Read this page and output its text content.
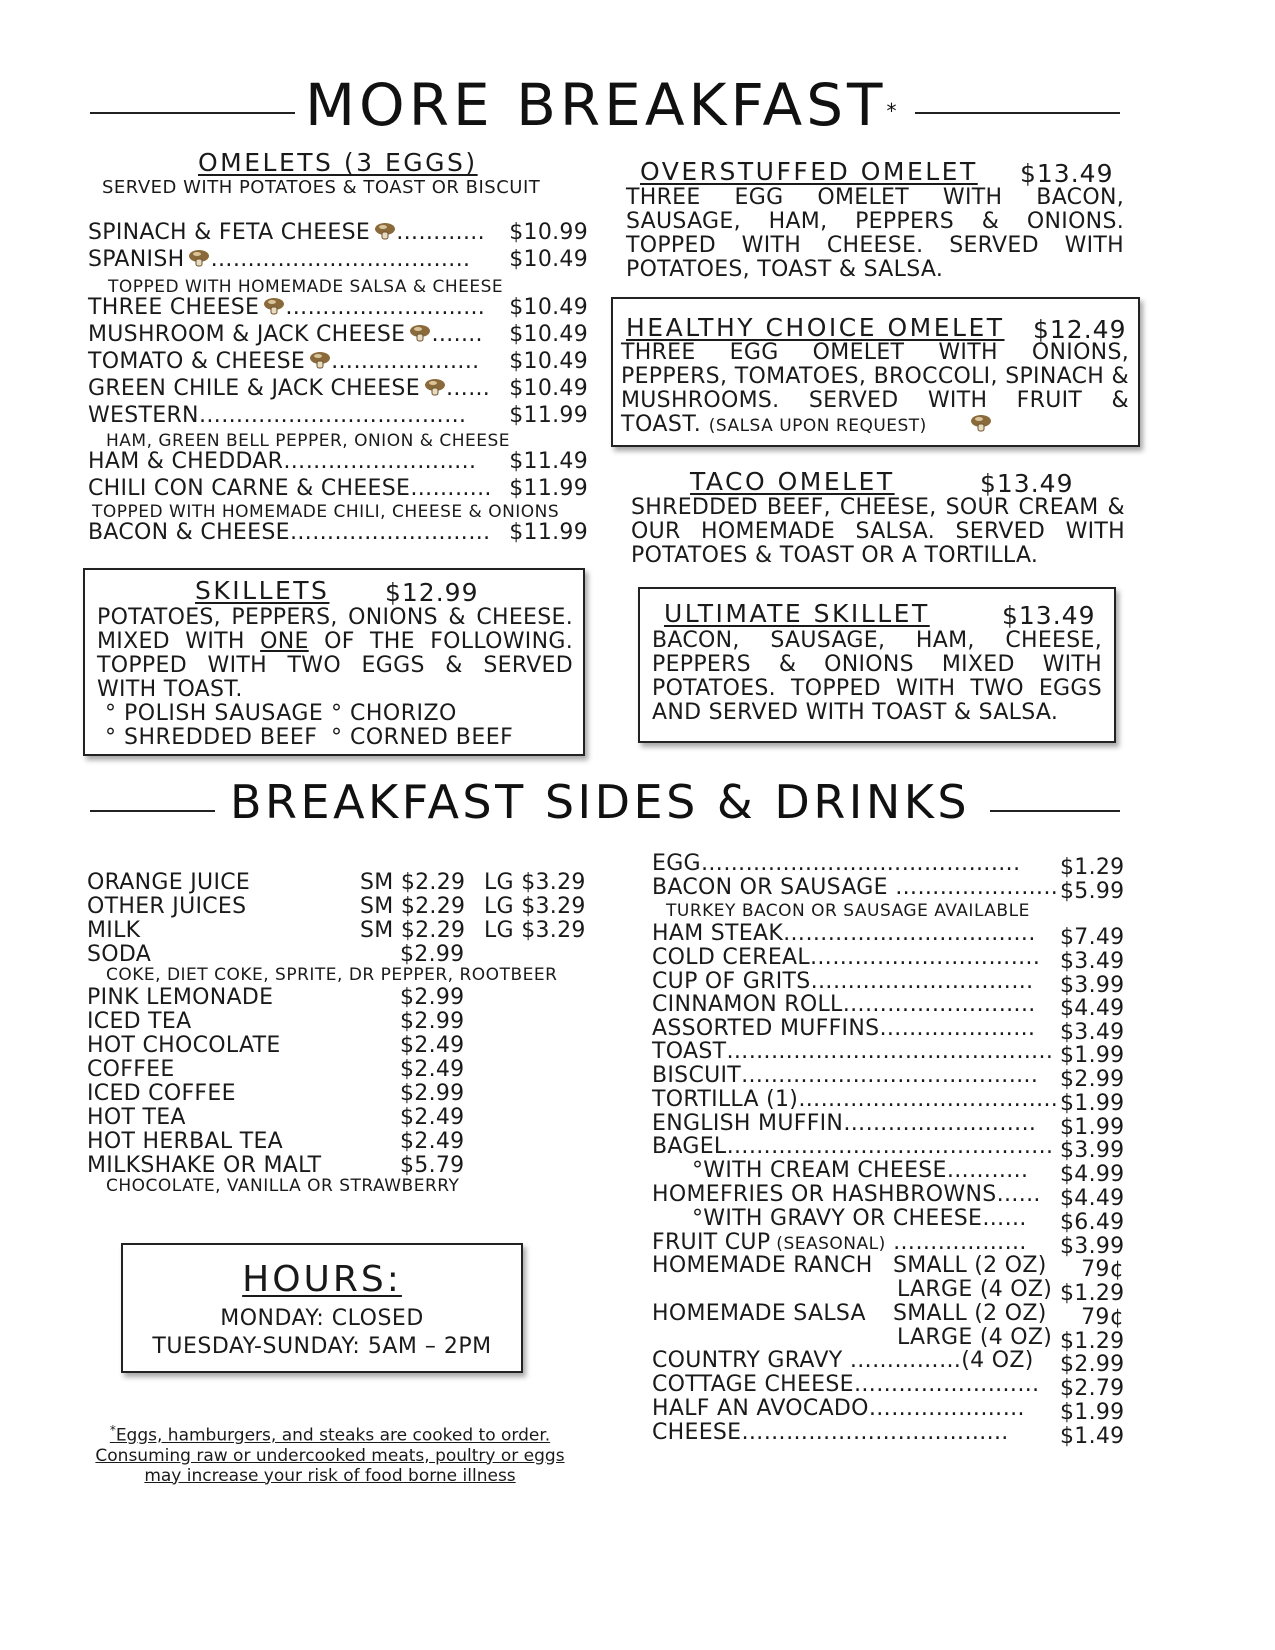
MORE BREAKFAST*
OMELETS (3 EGGS)
SERVED WITH POTATOES & TOAST OR BISCUIT
SPINACH & FETA CHEESE ………... $10.99
SPANISH …………………………….. $10.49
TOPPED WITH HOMEMADE SALSA & CHEESE
THREE CHEESE …………………...... $10.49
MUSHROOM & JACK CHEESE ….... $10.49
TOMATO & CHEESE ……………….. $10.49
GREEN CHILE & JACK CHEESE …... $10.49
WESTERN……………………………… $11.99
HAM, GREEN BELL PEPPER, ONION & CHEESE
HAM & CHEDDAR…………………….. $11.49
CHILI CON CARNE & CHEESE……….. $11.99
TOPPED WITH HOMEMADE CHILI, CHEESE & ONIONS
BACON & CHEESE……………………… $11.99
SKILLETS $12.99
POTATOES, PEPPERS, ONIONS & CHEESE.
MIXED WITH ONE OF THE FOLLOWING.
TOPPED WITH TWO EGGS & SERVED
WITH TOAST.
° POLISH SAUSAGE ° CHORIZO
° SHREDDED BEEF ° CORNED BEEF
OVERSTUFFED OMELET $13.49
THREE EGG OMELET WITH BACON,
SAUSAGE, HAM, PEPPERS & ONIONS.
TOPPED WITH CHEESE. SERVED WITH
POTATOES, TOAST & SALSA.
HEALTHY CHOICE OMELET $12.49
THREE EGG OMELET WITH ONIONS,
PEPPERS, TOMATOES, BROCCOLI, SPINACH &
MUSHROOMS. SERVED WITH FRUIT &
TOAST. (SALSA UPON REQUEST)
TACO OMELET	$13.49
SHREDDED BEEF, CHEESE, SOUR CREAM &
OUR HOMEMADE SALSA. SERVED WITH
POTATOES & TOAST OR A TORTILLA.
ULTIMATE SKILLET	$13.49
BACON, SAUSAGE, HAM, CHEESE,
PEPPERS & ONIONS MIXED WITH
POTATOES. TOPPED WITH TWO EGGS
AND SERVED WITH TOAST & SALSA.
BREAKFAST SIDES & DRINKS
ORANGE JUICE	SM $2.29 LG $3.29
OTHER JUICES	SM $2.29 LG $3.29
MILK	SM $2.29 LG $3.29
SODA	$2.99
COKE, DIET COKE, SPRITE, DR PEPPER, ROOTBEER
PINK LEMONADE	$2.99
ICED TEA	$2.99
HOT CHOCOLATE	$2.49
COFFEE	$2.49
ICED COFFEE	$2.99
HOT TEA	$2.49
HOT HERBAL TEA	$2.49
MILKSHAKE OR MALT	$5.79
CHOCOLATE, VANILLA OR STRAWBERRY
HOURS:
MONDAY: CLOSED
TUESDAY-SUNDAY: 5AM – 2PM
*Eggs, hamburgers, and steaks are cooked to order.
Consuming raw or undercooked meats, poultry or eggs
may increase your risk of food borne illness
EGG……………………………………. $1.29
BACON OR SAUSAGE ………..……….. $5.99
TURKEY BACON OR SAUSAGE AVAILABLE
HAM STEAK……………………………. $7.49
COLD CEREAL…………………………. $3.49
CUP OF GRITS………………………… $3.99
CINNAMON ROLL…………………….. $4.49
ASSORTED MUFFINS………………… $3.49
TOAST…………………………………….. $1.99
BISCUIT…………………………………. $2.99
TORTILLA (1)…………………………….. $1.99
ENGLISH MUFFIN…………………….. $1.99
BAGEL…………………………………….. $3.99
°WITH CREAM CHEESE……….. $4.99
HOMEFRIES OR HASHBROWNS…... $4.49
°WITH GRAVY OR CHEESE…… $6.49
FRUIT CUP (SEASONAL) ……………… $3.99
HOMEMADE RANCH SMALL (2 OZ)	79¢
LARGE (4 OZ) $1.29
HOMEMADE SALSA SMALL (2 OZ)	79¢
LARGE (4 OZ) $1.29
COUNTRY GRAVY ……………(4 OZ) $2.99
COTTAGE CHEESE………………….… $2.79
HALF AN AVOCADO………………… $1.99
CHEESE……………………………... $1.49
